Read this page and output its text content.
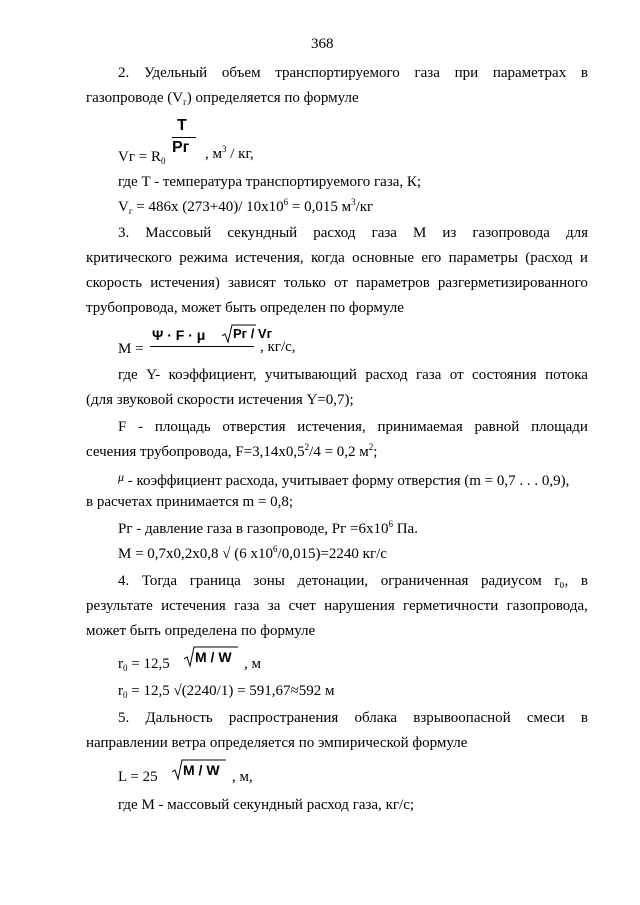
368
2. Удельный объем транспортируемого газа при параметрах в
газопроводе $(V_г)$ определяется по формуле
T
Pг
Vг = $R_0$	, $м^3$ / кг,
где T - температура транспортируемого газа, К;
$V_г = 486х$ (273+40)/ $10х10^6 = 0,015$ $м^3/кг$
3. Массовый секундный расход газа М из газопровода для
критического режима истечения, когда основные его параметры (расход и
скорость истечения) зависят только от параметров разгерметизированного
трубопровода, может быть определен по формуле
M =
Ψ · F · μ Pг / Vг
, кг/с,
где Y- коэффициент, учитывающий расход газа от состояния потока
(для звуковой скорости истечения Y=0,7);
F - площадь отверстия истечения, принимаемая равной площади
сечения трубопровода, $F=3,14х0,5^2/4 = 0,2$ $м^2$;
$^\mu$ - коэффициент расхода, учитывает форму отверстия (m = 0,7 . . . 0,9),
в расчетах принимается m = 0,8;
Рг - давление газа в газопроводе, Рг $=6х10^6$ Па.
М = 0,7х0,2х0,8 √ (6 $х10^6/0,015)=2240$ кг/с
4. Тогда граница зоны детонации, ограниченная радиусом r₀, в
результате истечения газа за счет нарушения герметичности газопровода,
может быть определена по формуле
$r_0 = 12,5$ M / W , м
$r_0 = 12,5$ √(2240/1) = 591,67≈592 м
5. Дальность распространения облака взрывоопасной смеси в
направлении ветра определяется по эмпирической формуле
L = 25 M / W , м,
где М - массовый секундный расход газа, кг/с;
